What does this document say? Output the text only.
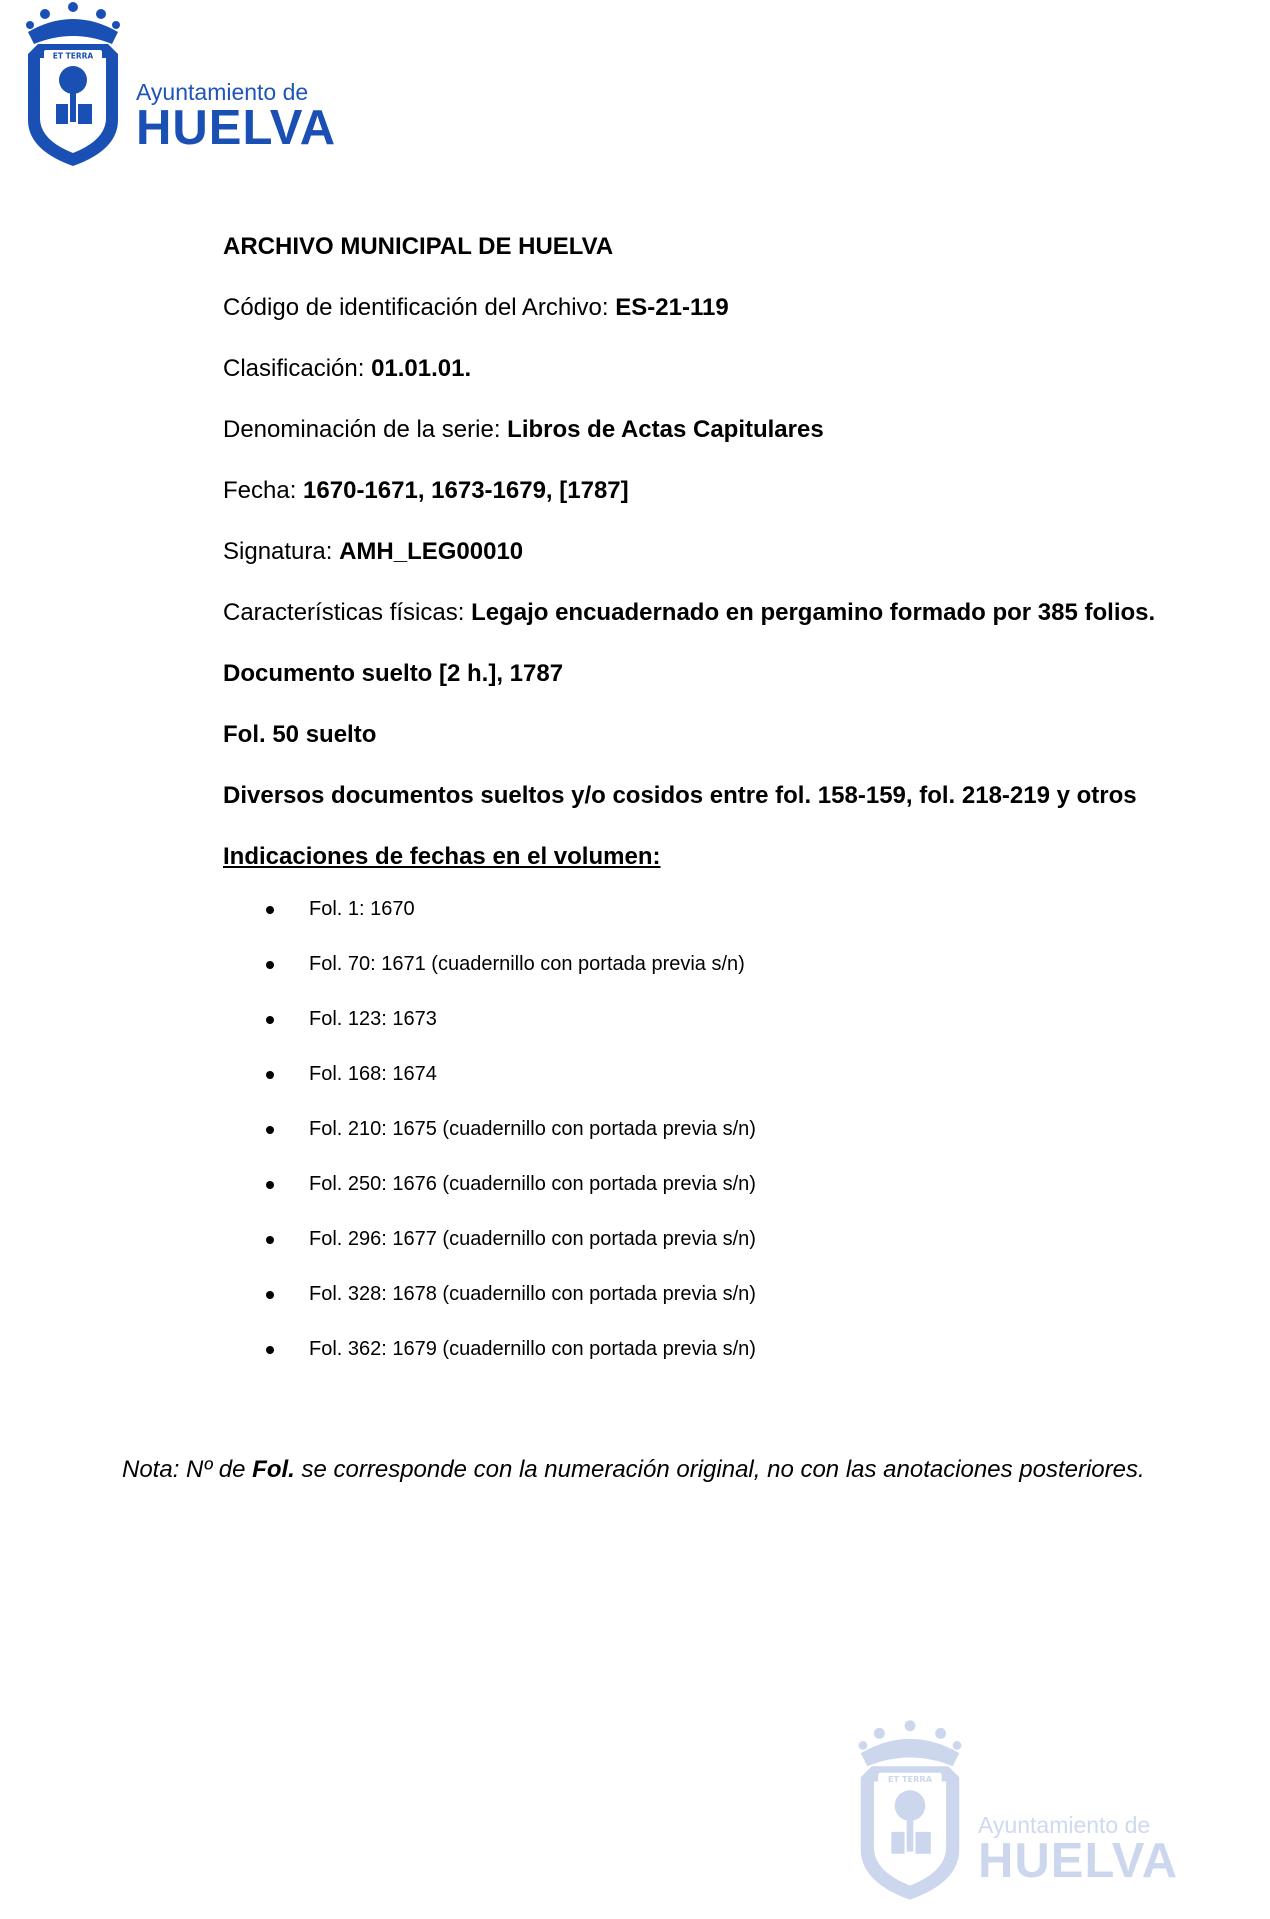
ET TERRA
PORTUS MARIS	VIGILETO Ayuntamiento de
HUELVA
ARCHIVO MUNICIPAL DE HUELVA
Código de identificación del Archivo: ES-21-119
Clasificación: 01.01.01.
Denominación de la serie: Libros de Actas Capitulares
Fecha: 1670-1671, 1673-1679, [1787]
Signatura: AMH_LEG00010
Características físicas: Legajo encuadernado en pergamino formado por 385 folios.
Documento suelto [2 h.], 1787
Fol. 50 suelto
Diversos documentos sueltos y/o cosidos entre fol. 158-159, fol. 218-219 y otros
Indicaciones de fechas en el volumen:
Fol. 1: 1670
Fol. 70: 1671 (cuadernillo con portada previa s/n)
Fol. 123: 1673
Fol. 168: 1674
Fol. 210: 1675 (cuadernillo con portada previa s/n)
Fol. 250: 1676 (cuadernillo con portada previa s/n)
Fol. 296: 1677 (cuadernillo con portada previa s/n)
Fol. 328: 1678 (cuadernillo con portada previa s/n)
Fol. 362: 1679 (cuadernillo con portada previa s/n)
Nota: Nº de Fol. se corresponde con la numeración original, no con las anotaciones posteriores.
ET TERRA
PORTUS MARIS	VIGILETO Ayuntamiento de
HUELVA
